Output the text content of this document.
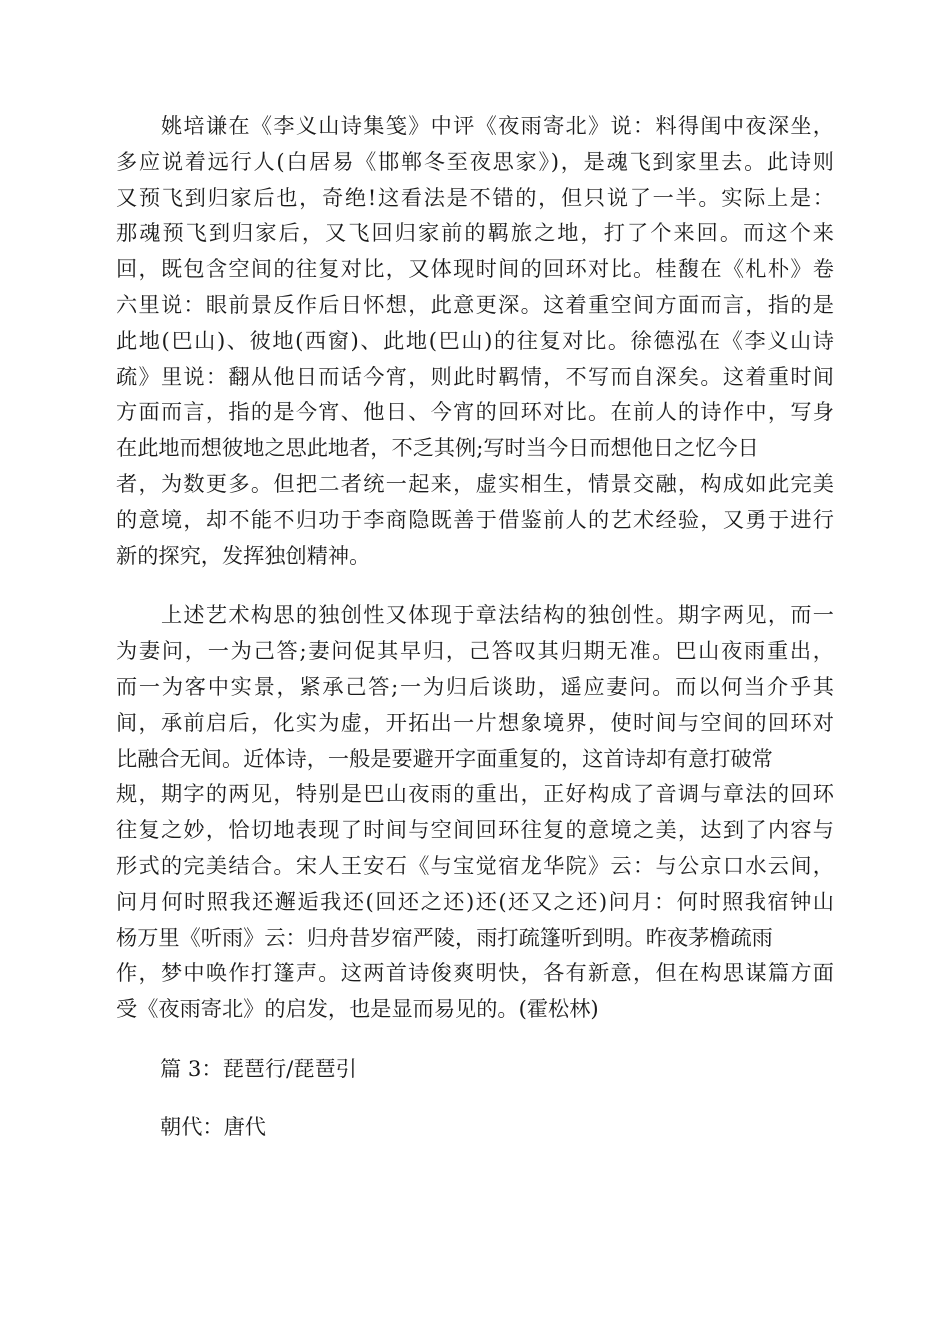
　　姚培谦在《李义山诗集笺》中评《夜雨寄北》说：料得闺中夜深坐，
多应说着远行人(白居易《邯郸冬至夜思家》)，是魂飞到家里去。此诗则
又预飞到归家后也，奇绝!这看法是不错的，但只说了一半。实际上是：
那魂预飞到归家后，又飞回归家前的羁旅之地，打了个来回。而这个来
回，既包含空间的往复对比，又体现时间的回环对比。桂馥在《札朴》卷
六里说：眼前景反作后日怀想，此意更深。这着重空间方面而言，指的是
此地(巴山)、彼地(西窗)、此地(巴山)的往复对比。徐德泓在《李义山诗
疏》里说：翻从他日而话今宵，则此时羁情，不写而自深矣。这着重时间
方面而言，指的是今宵、他日、今宵的回环对比。在前人的诗作中，写身
在此地而想彼地之思此地者，不乏其例;写时当今日而想他日之忆今日
者，为数更多。但把二者统一起来，虚实相生，情景交融，构成如此完美
的意境，却不能不归功于李商隐既善于借鉴前人的艺术经验，又勇于进行
新的探究，发挥独创精神。
　　上述艺术构思的独创性又体现于章法结构的独创性。期字两见，而一
为妻问，一为己答;妻问促其早归，己答叹其归期无准。巴山夜雨重出，
而一为客中实景，紧承己答;一为归后谈助，遥应妻问。而以何当介乎其
间，承前启后，化实为虚，开拓出一片想象境界，使时间与空间的回环对
比融合无间。近体诗，一般是要避开字面重复的，这首诗却有意打破常
规，期字的两见，特别是巴山夜雨的重出，正好构成了音调与章法的回环
往复之妙，恰切地表现了时间与空间回环往复的意境之美，达到了内容与
形式的完美结合。宋人王安石《与宝觉宿龙华院》云：与公京口水云间，
问月何时照我还邂逅我还(回还之还)还(还又之还)问月：何时照我宿钟山
杨万里《听雨》云：归舟昔岁宿严陵，雨打疏篷听到明。昨夜茅檐疏雨
作，梦中唤作打篷声。这两首诗俊爽明快，各有新意，但在构思谋篇方面
受《夜雨寄北》的启发，也是显而易见的。(霍松林)
篇 3：琵琶行/琵琶引
朝代：唐代
